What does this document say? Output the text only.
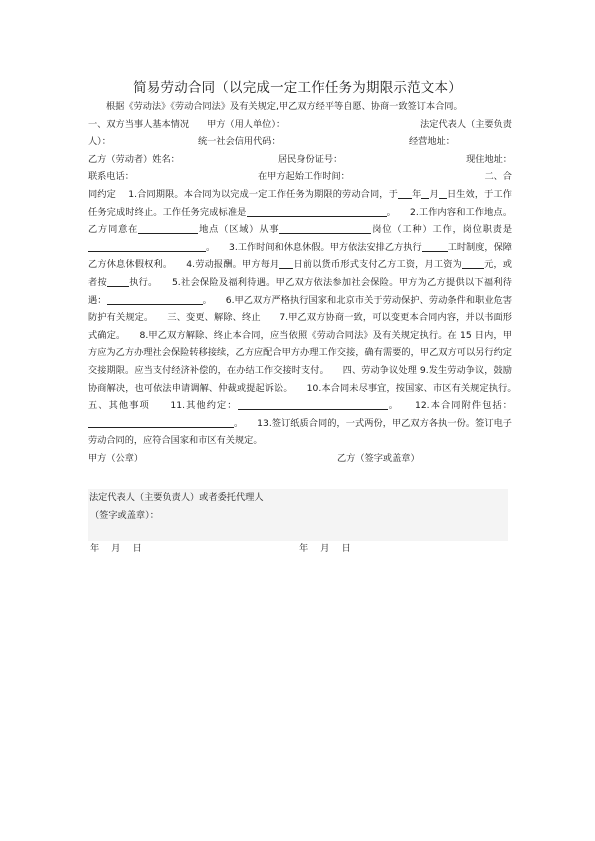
简易劳动合同（以完成一定工作任务为期限示范文本）

根据《劳动法》《劳动合同法》及有关规定,甲乙双方经平等自愿、协商一致签订本合同。

一、双方当事人基本情况 甲方（用人单位）：	法定代表人（主要负责
人）：	统一社会信用代码：	经营地址：
乙方（劳动者）姓名：	居民身份证号：	现住地址：
联系电话：	在甲方起始工作时间：	二、合

同约定　 1.合同期限。本合同为以完成一定工作任务为期限的劳动合同，于 年 月 日生效，于工作任务完成时终止。工作任务完成标准是	。　　2.工作内容和工作地点。乙方同意在	地点（区域）从事	岗位（工种）工作，岗位职责是。　　3.工作时间和休息休假。甲方依法安排乙方执行	工时制度，保障乙方休息休假权利。　　4.劳动报酬。甲方每月 日前以货币形式支付乙方工资，月工资为 元，或者按 执行。　　5.社会保险及福利待遇。甲乙双方依法参加社会保险。甲方为乙方提供以下福利待遇：	。　　6.甲乙双方严格执行国家和北京市关于劳动保护、劳动条件和职业危害防护有关规定。　　三、变更、解除、终止　　7.甲乙双方协商一致，可以变更本合同内容，并以书面形式确定。　　8.甲乙双方解除、终止本合同，应当依照《劳动合同法》及有关规定执行。在 15 日内，甲方应为乙方办理社会保险转移接续，乙方应配合甲方办理工作交接，确有需要的，甲乙双方可以另行约定交接期限。应当支付经济补偿的，在办结工作交接时支付。　　四、劳动争议处理 9.发生劳动争议，鼓励协商解决，也可依法申请调解、仲裁或提起诉讼。　　10.本合同未尽事宜，按国家、市区有关规定执行。　　五、其他事项　　11.其他约定：	。　　12.本合同附件包括：。　　13.签订纸质合同的，一式两份，甲乙双方各执一份。签订电子劳动合同的，应符合国家和市区有关规定。

甲方（公章）	乙方（签字或盖章）
法定代表人（主要负责人）或者委托代理人
（签字或盖章）：
年　 月　 日	年　 月　 日
